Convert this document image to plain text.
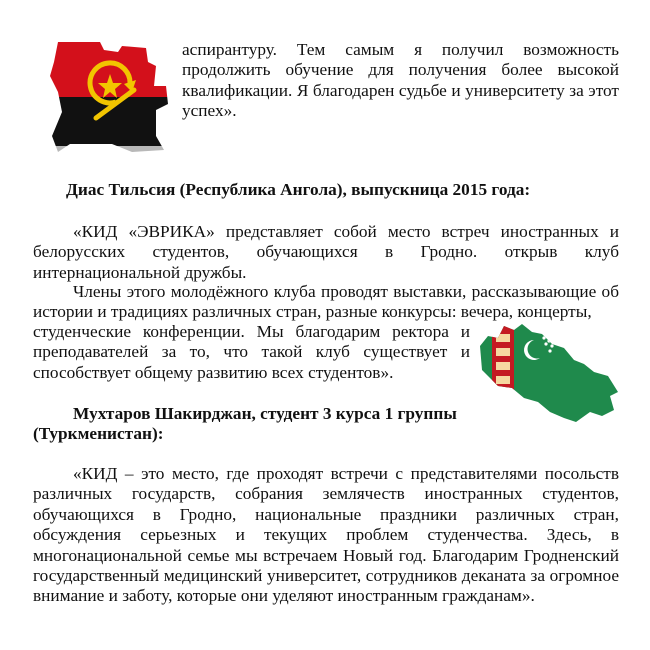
аспирантуру. Тем самым я получил возможность продолжить обучение для получения более высокой квалификации. Я благодарен судьбе и университету за этот успех».

Диас Тильсия (Республика Ангола), выпускница 2015 года:

«КИД «ЭВРИКА» представляет собой место встреч иностранных и белорусских студентов, обучающихся в Гродно. открыв клуб интернациональной дружбы.

Члены этого молодёжного клуба проводят выставки, рассказывающие об истории и традициях различных стран, разные конкурсы: вечера, концерты,

студенческие конференции. Мы благодарим ректора и преподавателей за то, что такой клуб существует и способствует общему развитию всех студентов».

Мухтаров Шакирджан, студент 3 курса 1 группы (Туркменистан):

«КИД – это место, где проходят встречи с представителями посольств различных государств, собрания землячеств иностранных студентов, обучающихся в Гродно, национальные праздники различных стран, обсуждения серьезных и текущих проблем студенчества. Здесь, в многонациональной семье мы встречаем Новый год. Благодарим Гродненский государственный медицинский университет, сотрудников деканата за огромное внимание и заботу, которые они уделяют иностранным гражданам».
